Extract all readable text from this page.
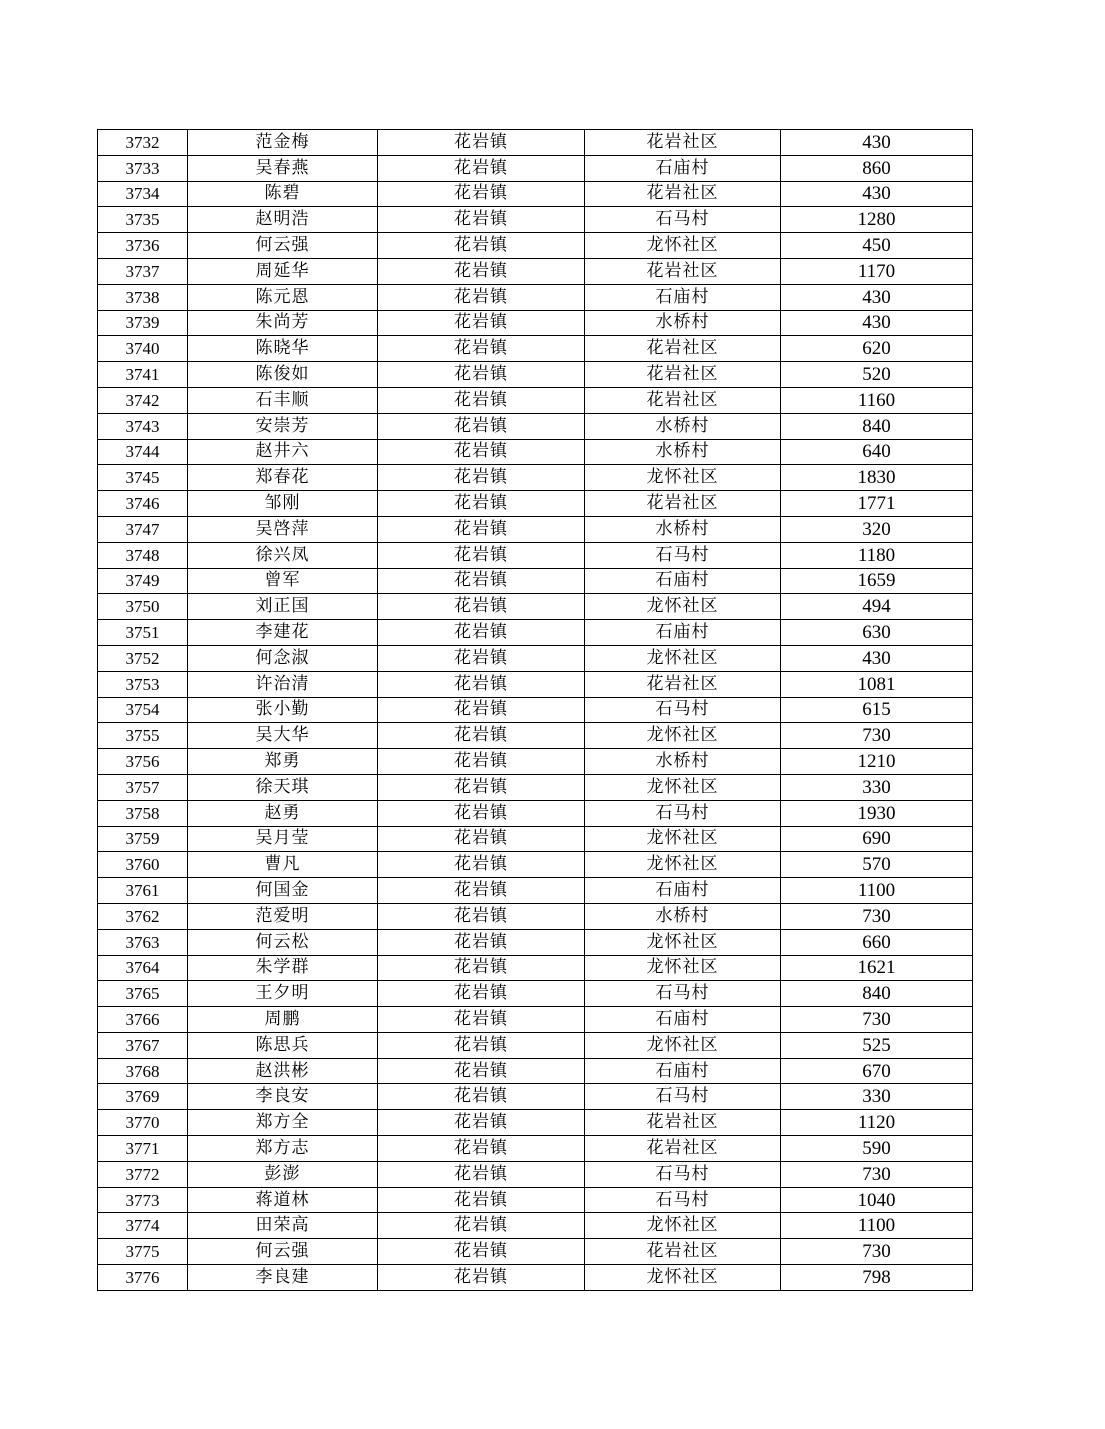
3732	范金梅	花岩镇	花岩社区	430
3733	吴春燕	花岩镇	石庙村	860
3734	陈碧	花岩镇	花岩社区	430
3735	赵明浩	花岩镇	石马村	1280
3736	何云强	花岩镇	龙怀社区	450
3737	周延华	花岩镇	花岩社区	1170
3738	陈元恩	花岩镇	石庙村	430
3739	朱尚芳	花岩镇	水桥村	430
3740	陈晓华	花岩镇	花岩社区	620
3741	陈俊如	花岩镇	花岩社区	520
3742	石丰顺	花岩镇	花岩社区	1160
3743	安崇芳	花岩镇	水桥村	840
3744	赵井六	花岩镇	水桥村	640
3745	郑春花	花岩镇	龙怀社区	1830
3746	邹刚	花岩镇	花岩社区	1771
3747	吴啓萍	花岩镇	水桥村	320
3748	徐兴凤	花岩镇	石马村	1180
3749	曾军	花岩镇	石庙村	1659
3750	刘正国	花岩镇	龙怀社区	494
3751	李建花	花岩镇	石庙村	630
3752	何念淑	花岩镇	龙怀社区	430
3753	许治清	花岩镇	花岩社区	1081
3754	张小勤	花岩镇	石马村	615
3755	吴大华	花岩镇	龙怀社区	730
3756	郑勇	花岩镇	水桥村	1210
3757	徐天琪	花岩镇	龙怀社区	330
3758	赵勇	花岩镇	石马村	1930
3759	吴月莹	花岩镇	龙怀社区	690
3760	曹凡	花岩镇	龙怀社区	570
3761	何国金	花岩镇	石庙村	1100
3762	范爱明	花岩镇	水桥村	730
3763	何云松	花岩镇	龙怀社区	660
3764	朱学群	花岩镇	龙怀社区	1621
3765	王夕明	花岩镇	石马村	840
3766	周鹏	花岩镇	石庙村	730
3767	陈思兵	花岩镇	龙怀社区	525
3768	赵洪彬	花岩镇	石庙村	670
3769	李良安	花岩镇	石马村	330
3770	郑方全	花岩镇	花岩社区	1120
3771	郑方志	花岩镇	花岩社区	590
3772	彭澎	花岩镇	石马村	730
3773	蒋道林	花岩镇	石马村	1040
3774	田荣高	花岩镇	龙怀社区	1100
3775	何云强	花岩镇	花岩社区	730
3776	李良建	花岩镇	龙怀社区	798
